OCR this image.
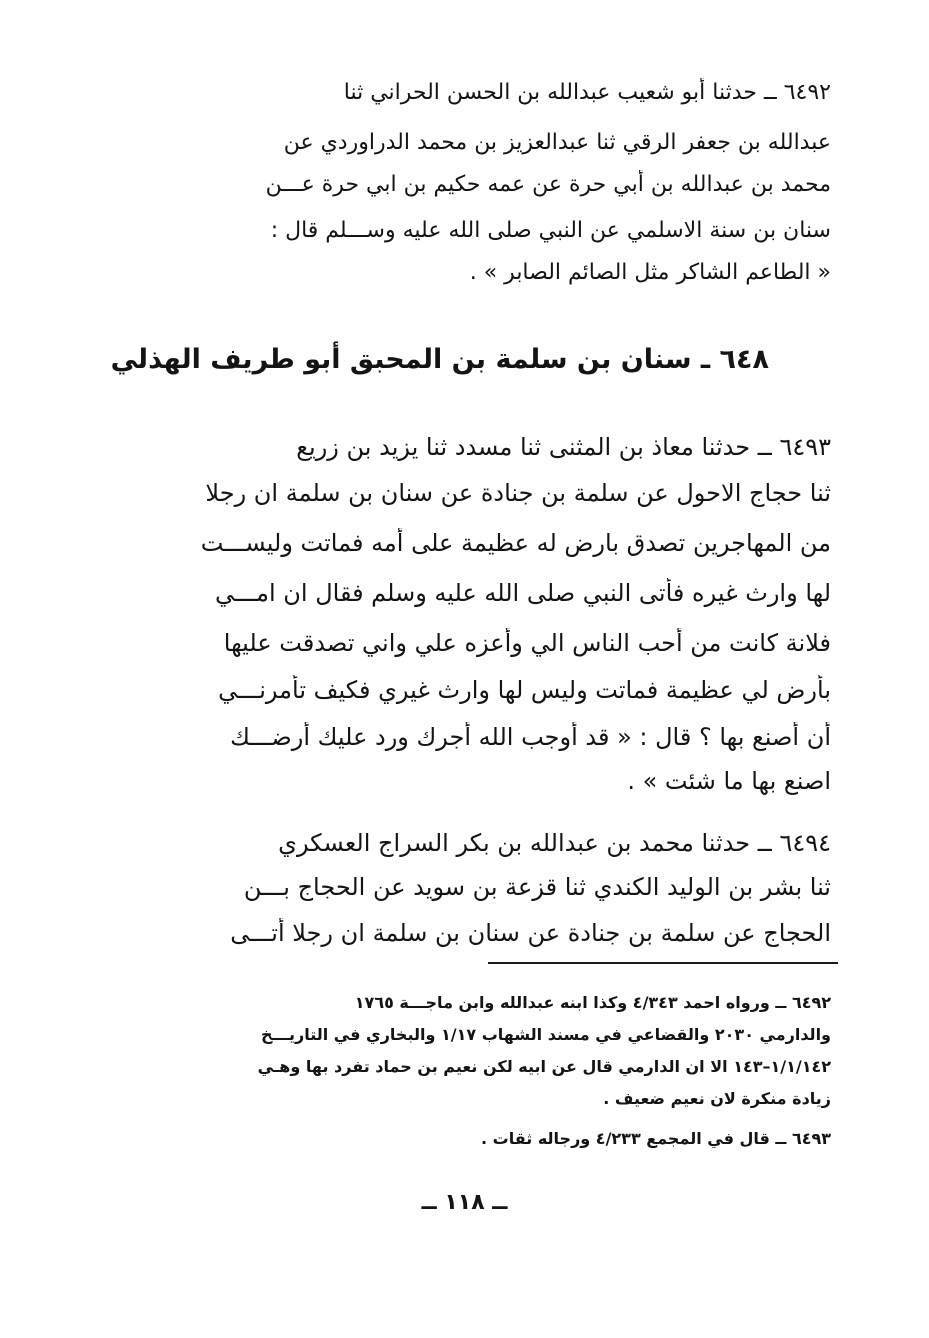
٦٤٩٢ ــ حدثنا أبو شعيب عبدالله بن الحسن الحراني ثنا
عبدالله بن جعفر الرقي ثنا عبدالعزيز بن محمد الدراوردي عن
محمد بن عبدالله بن أبي حرة عن عمه حكيم بن ابي حرة عـــن
سنان بن سنة الاسلمي عن النبي صلى الله عليه وســـلم قال :
« الطاعم الشاكر مثل الصائم الصابر » .
٦٤٨ ـ سنان بن سلمة بن المحبق أبو طريف الهذلي
٦٤٩٣ ــ حدثنا معاذ بن المثنى ثنا مسدد ثنا يزيد بن زريع
ثنا حجاج الاحول عن سلمة بن جنادة عن سنان بن سلمة ان رجلا
من المهاجرين تصدق بارض له عظيمة على أمه فماتت وليســـت
لها وارث غيره فأتى النبي صلى الله عليه وسلم فقال ان امـــي
فلانة كانت من أحب الناس الي وأعزه علي واني تصدقت عليها
بأرض لي عظيمة فماتت وليس لها وارث غيري فكيف تأمرنـــي
أن أصنع بها ؟ قال : « قد أوجب الله أجرك ورد عليك أرضـــك
اصنع بها ما شئت » .
٦٤٩٤ ــ حدثنا محمد بن عبدالله بن بكر السراج العسكري
ثنا بشر بن الوليد الكندي ثنا قزعة بن سويد عن الحجاج بـــن
الحجاج عن سلمة بن جنادة عن سنان بن سلمة ان رجلا أتـــى
٦٤٩٢ ــ ورواه احمد ٤/٣٤٣ وكذا ابنه عبدالله وابن ماجـــة ١٧٦٥
والدارمي ٢٠٣٠ والقضاعي في مسند الشهاب ١/١٧ والبخاري في التاريـــخ
١/١/١٤٢–١٤٣ الا ان الدارمي قال عن ابيه لكن نعيم بن حماد تفرد بها وهـي
زيادة منكرة لان نعيم ضعيف .
٦٤٩٣ ــ قال في المجمع ٤/٢٣٣ ورجاله ثقات .
ــ ١١٨ ــ
